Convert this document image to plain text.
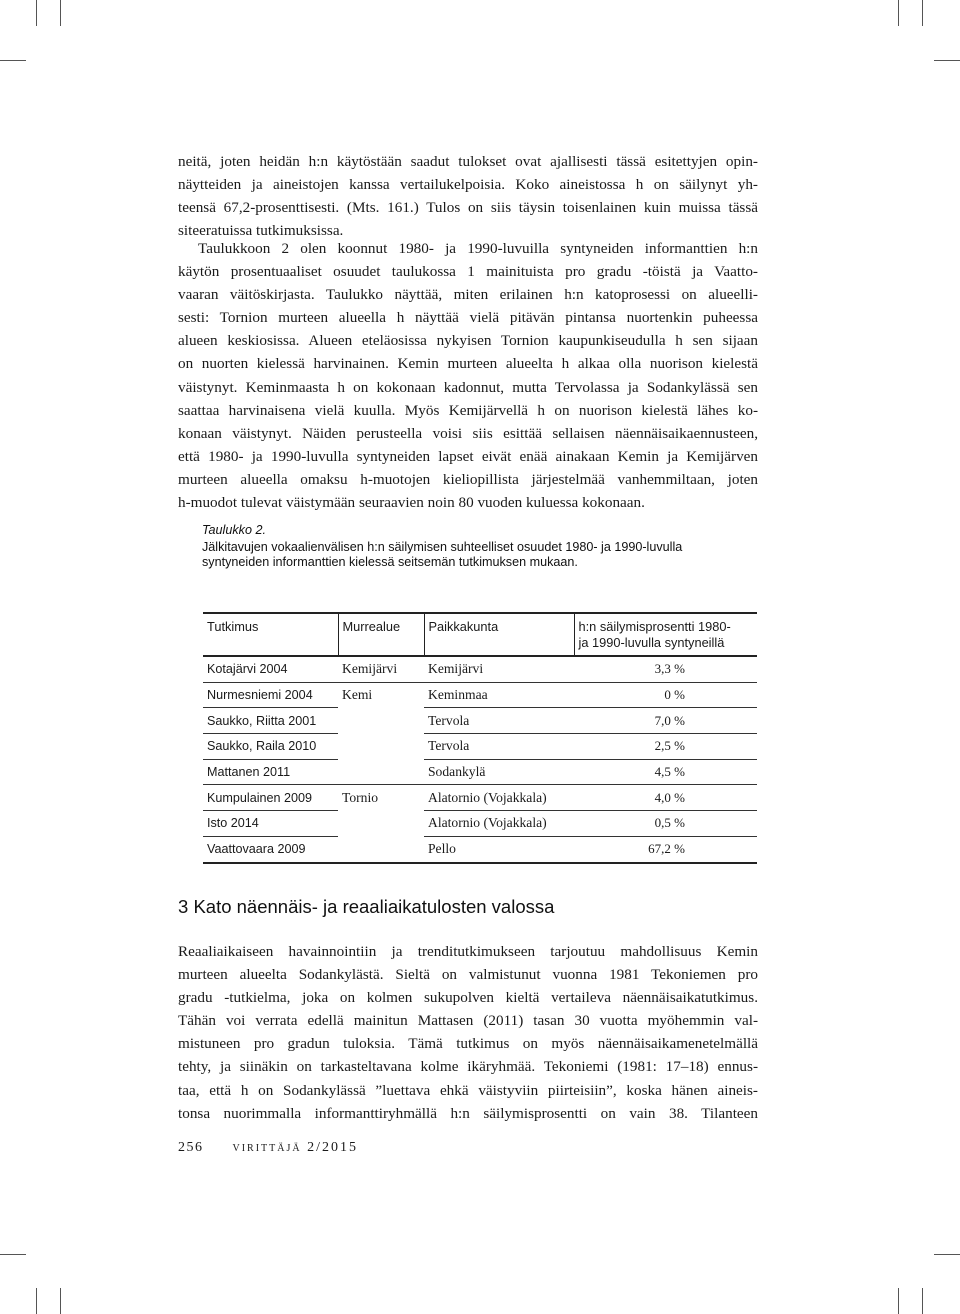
neitä, joten heidän h:n käytöstään saadut tulokset ovat ajallisesti tässä esitettyjen opin-
näytteiden ja aineistojen kanssa vertailukelpoisia. Koko aineistossa h on säilynyt yh-
teensä 67,2-prosenttisesti. (Mts. 161.) Tulos on siis täysin toisenlainen kuin muissa tässä
siteeratuissa tutkimuksissa.
Taulukkoon 2 olen koonnut 1980- ja 1990-luvuilla syntyneiden informanttien h:n
käytön prosentuaaliset osuudet taulukossa 1 mainituista pro gradu -töistä ja Vaatto-
vaaran väitöskirjasta. Taulukko näyttää, miten erilainen h:n katoprosessi on alueelli-
sesti: Tornion murteen alueella h näyttää vielä pitävän pintansa nuortenkin puheessa
alueen keskiosissa. Alueen eteläosissa nykyisen Tornion kaupunkiseudulla h sen sijaan
on nuorten kielessä harvinainen. Kemin murteen alueelta h alkaa olla nuorison kielestä
väistynyt. Keminmaasta h on kokonaan kadonnut, mutta Tervolassa ja Sodankylässä sen
saattaa harvinaisena vielä kuulla. Myös Kemijärvellä h on nuorison kielestä lähes ko-
konaan väistynyt. Näiden perusteella voisi siis esittää sellaisen näennäisaikaennusteen,
että 1980- ja 1990-luvulla syntyneiden lapset eivät enää ainakaan Kemin ja Kemijärven
murteen alueella omaksu h-muotojen kieliopillista järjestelmää vanhemmiltaan, joten
h-muodot tulevat väistymään seuraavien noin 80 vuoden kuluessa kokonaan.
Taulukko 2.
Jälkitavujen vokaalienvälisen h:n säilymisen suhteelliset osuudet 1980- ja 1990-luvulla
syntyneiden informanttien kielessä seitsemän tutkimuksen mukaan.
Tutkimus	Murrealue	Paikkakunta	h:n säilymisprosentti 1980-
ja 1990-luvulla syntyneillä

Kotajärvi 2004	Kemijärvi	Kemijärvi	3,3 %
Nurmesniemi 2004	Kemi	Keminmaa	0 %
Saukko, Riitta 2001		Tervola	7,0 %
Saukko, Raila 2010		Tervola	2,5 %
Mattanen 2011		Sodankylä	4,5 %
Kumpulainen 2009	Tornio	Alatornio (Vojakkala)	4,0 %
Isto 2014		Alatornio (Vojakkala)	0,5 %
Vaattovaara 2009		Pello	67,2 %
3 Kato näennäis- ja reaaliaikatulosten valossa
Reaaliaikaiseen havainnointiin ja trenditutkimukseen tarjoutuu mahdollisuus Kemin
murteen alueelta Sodankylästä. Sieltä on valmistunut vuonna 1981 Tekoniemen pro
gradu -tutkielma, joka on kolmen sukupolven kieltä vertaileva näennäisaikatutkimus.
Tähän voi verrata edellä mainitun Mattasen (2011) tasan 30 vuotta myöhemmin val-
mistuneen pro gradun tuloksia. Tämä tutkimus on myös näennäisaikamenetelmällä
tehty, ja siinäkin on tarkasteltavana kolme ikäryhmää. Tekoniemi (1981: 17–18) ennus-
taa, että h on Sodankylässä ”luettava ehkä väistyviin piirteisiin”, koska hänen aineis-
tonsa nuorimmalla informanttiryhmällä h:n säilymisprosentti on vain 38. Tilanteen
256 virittäjä 2/2015
